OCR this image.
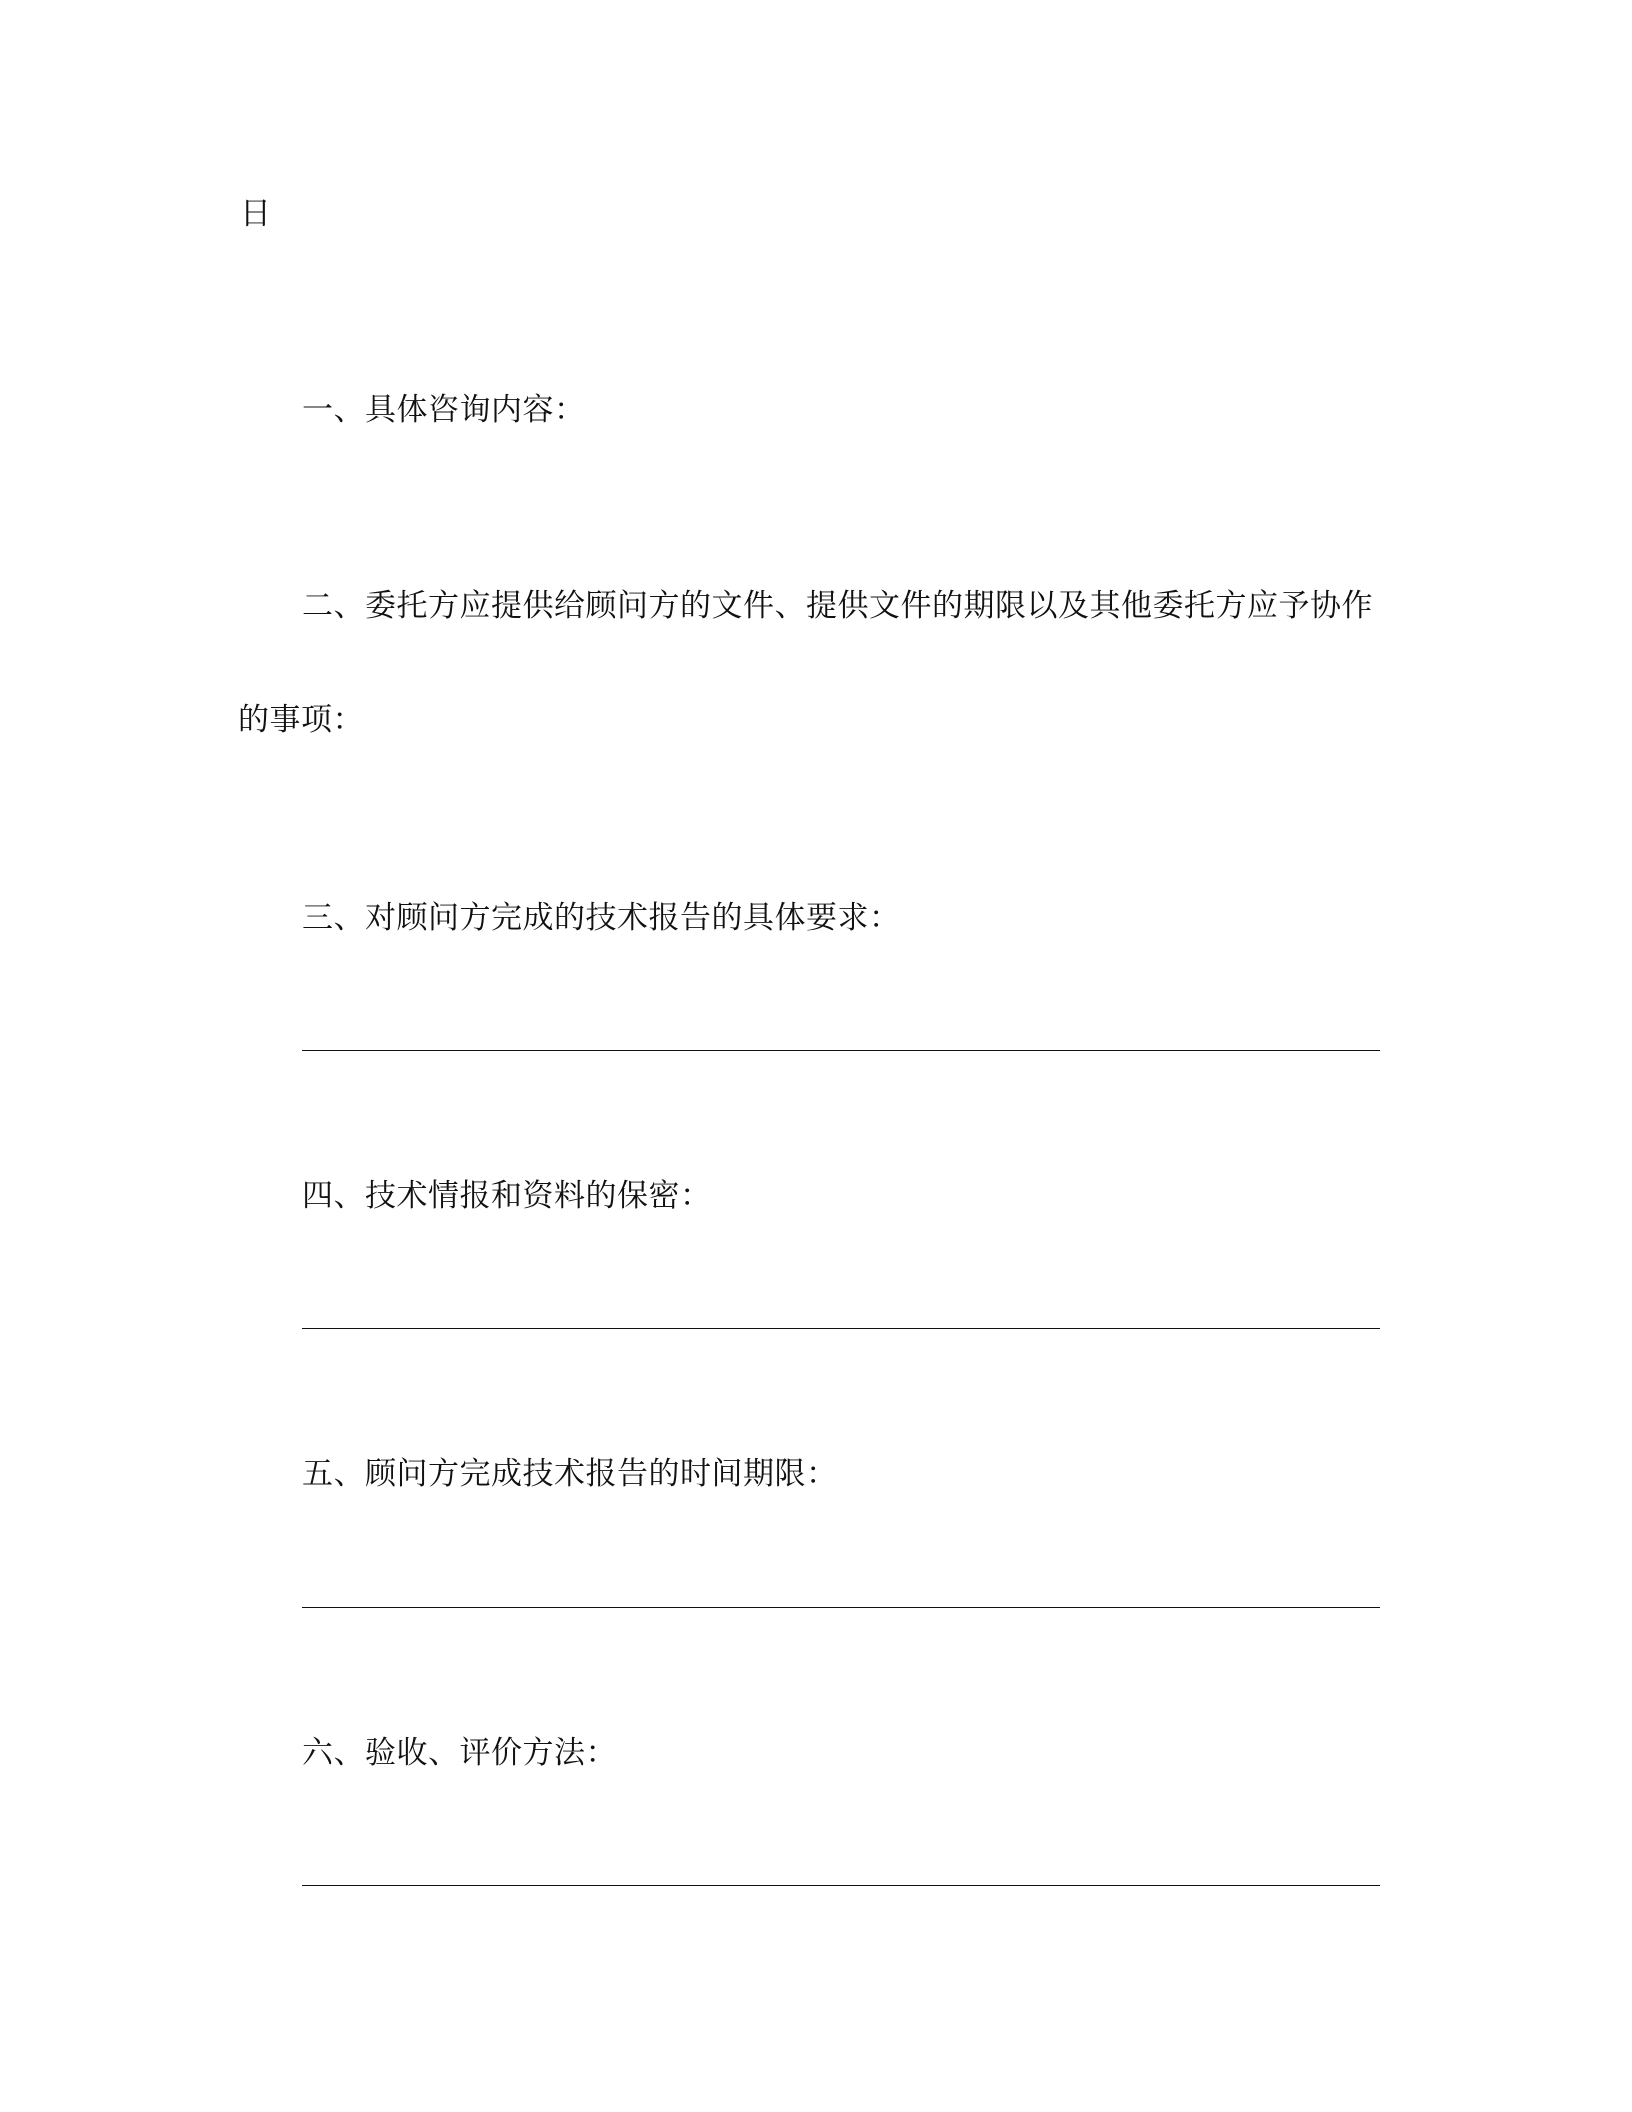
日
一、具体咨询内容：
二、委托方应提供给顾问方的文件、提供文件的期限以及其他委托方应予协作
的事项：
三、对顾问方完成的技术报告的具体要求：
四、技术情报和资料的保密：
五、顾问方完成技术报告的时间期限：
六、验收、评价方法：
